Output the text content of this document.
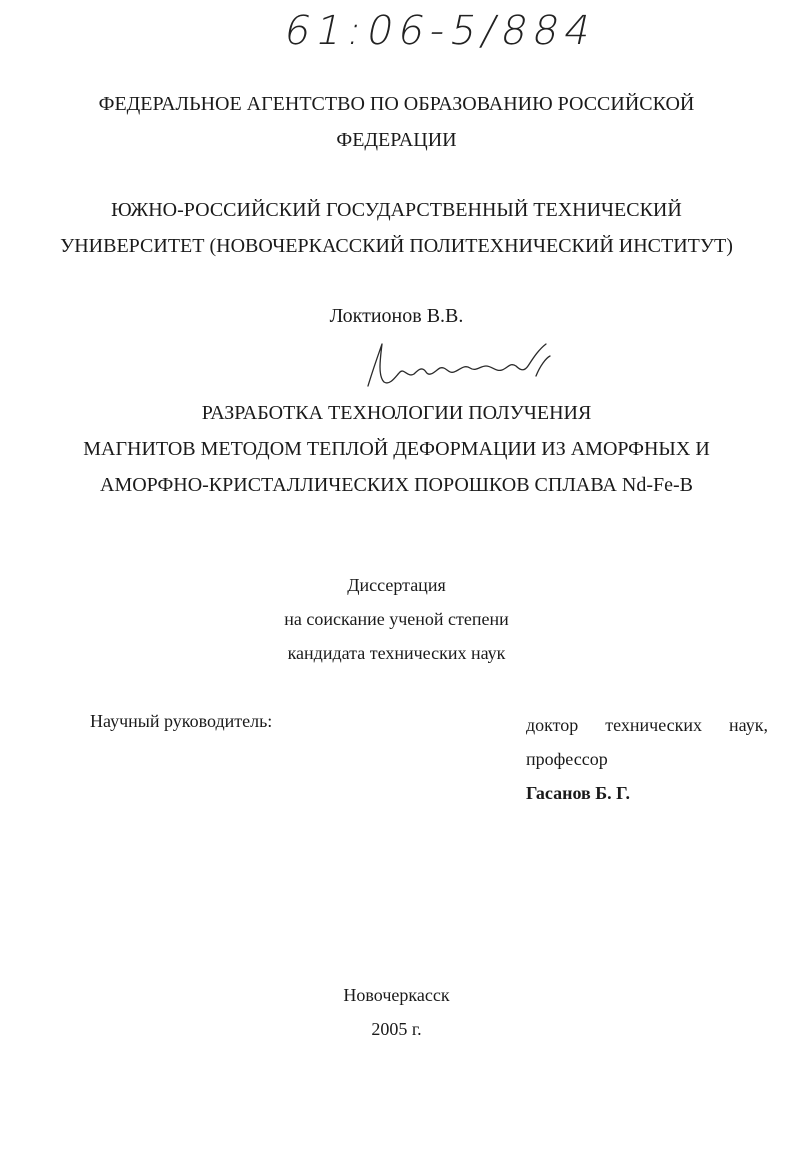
61:06-5/884
ФЕДЕРАЛЬНОЕ АГЕНТСТВО ПО ОБРАЗОВАНИЮ РОССИЙСКОЙ
ФЕДЕРАЦИИ
ЮЖНО-РОССИЙСКИЙ ГОСУДАРСТВЕННЫЙ ТЕХНИЧЕСКИЙ
УНИВЕРСИТЕТ (НОВОЧЕРКАССКИЙ ПОЛИТЕХНИЧЕСКИЙ ИНСТИТУТ)
Локтионов В.В.
РАЗРАБОТКА ТЕХНОЛОГИИ ПОЛУЧЕНИЯ
МАГНИТОВ МЕТОДОМ ТЕПЛОЙ ДЕФОРМАЦИИ ИЗ АМОРФНЫХ И
АМОРФНО-КРИСТАЛЛИЧЕСКИХ ПОРОШКОВ СПЛАВА Nd-Fe-B
Диссертация
на соискание ученой степени
кандидата технических наук
Научный руководитель:	доктор технических наук,
профессор
Гасанов Б. Г.
Новочеркасск
2005 г.
